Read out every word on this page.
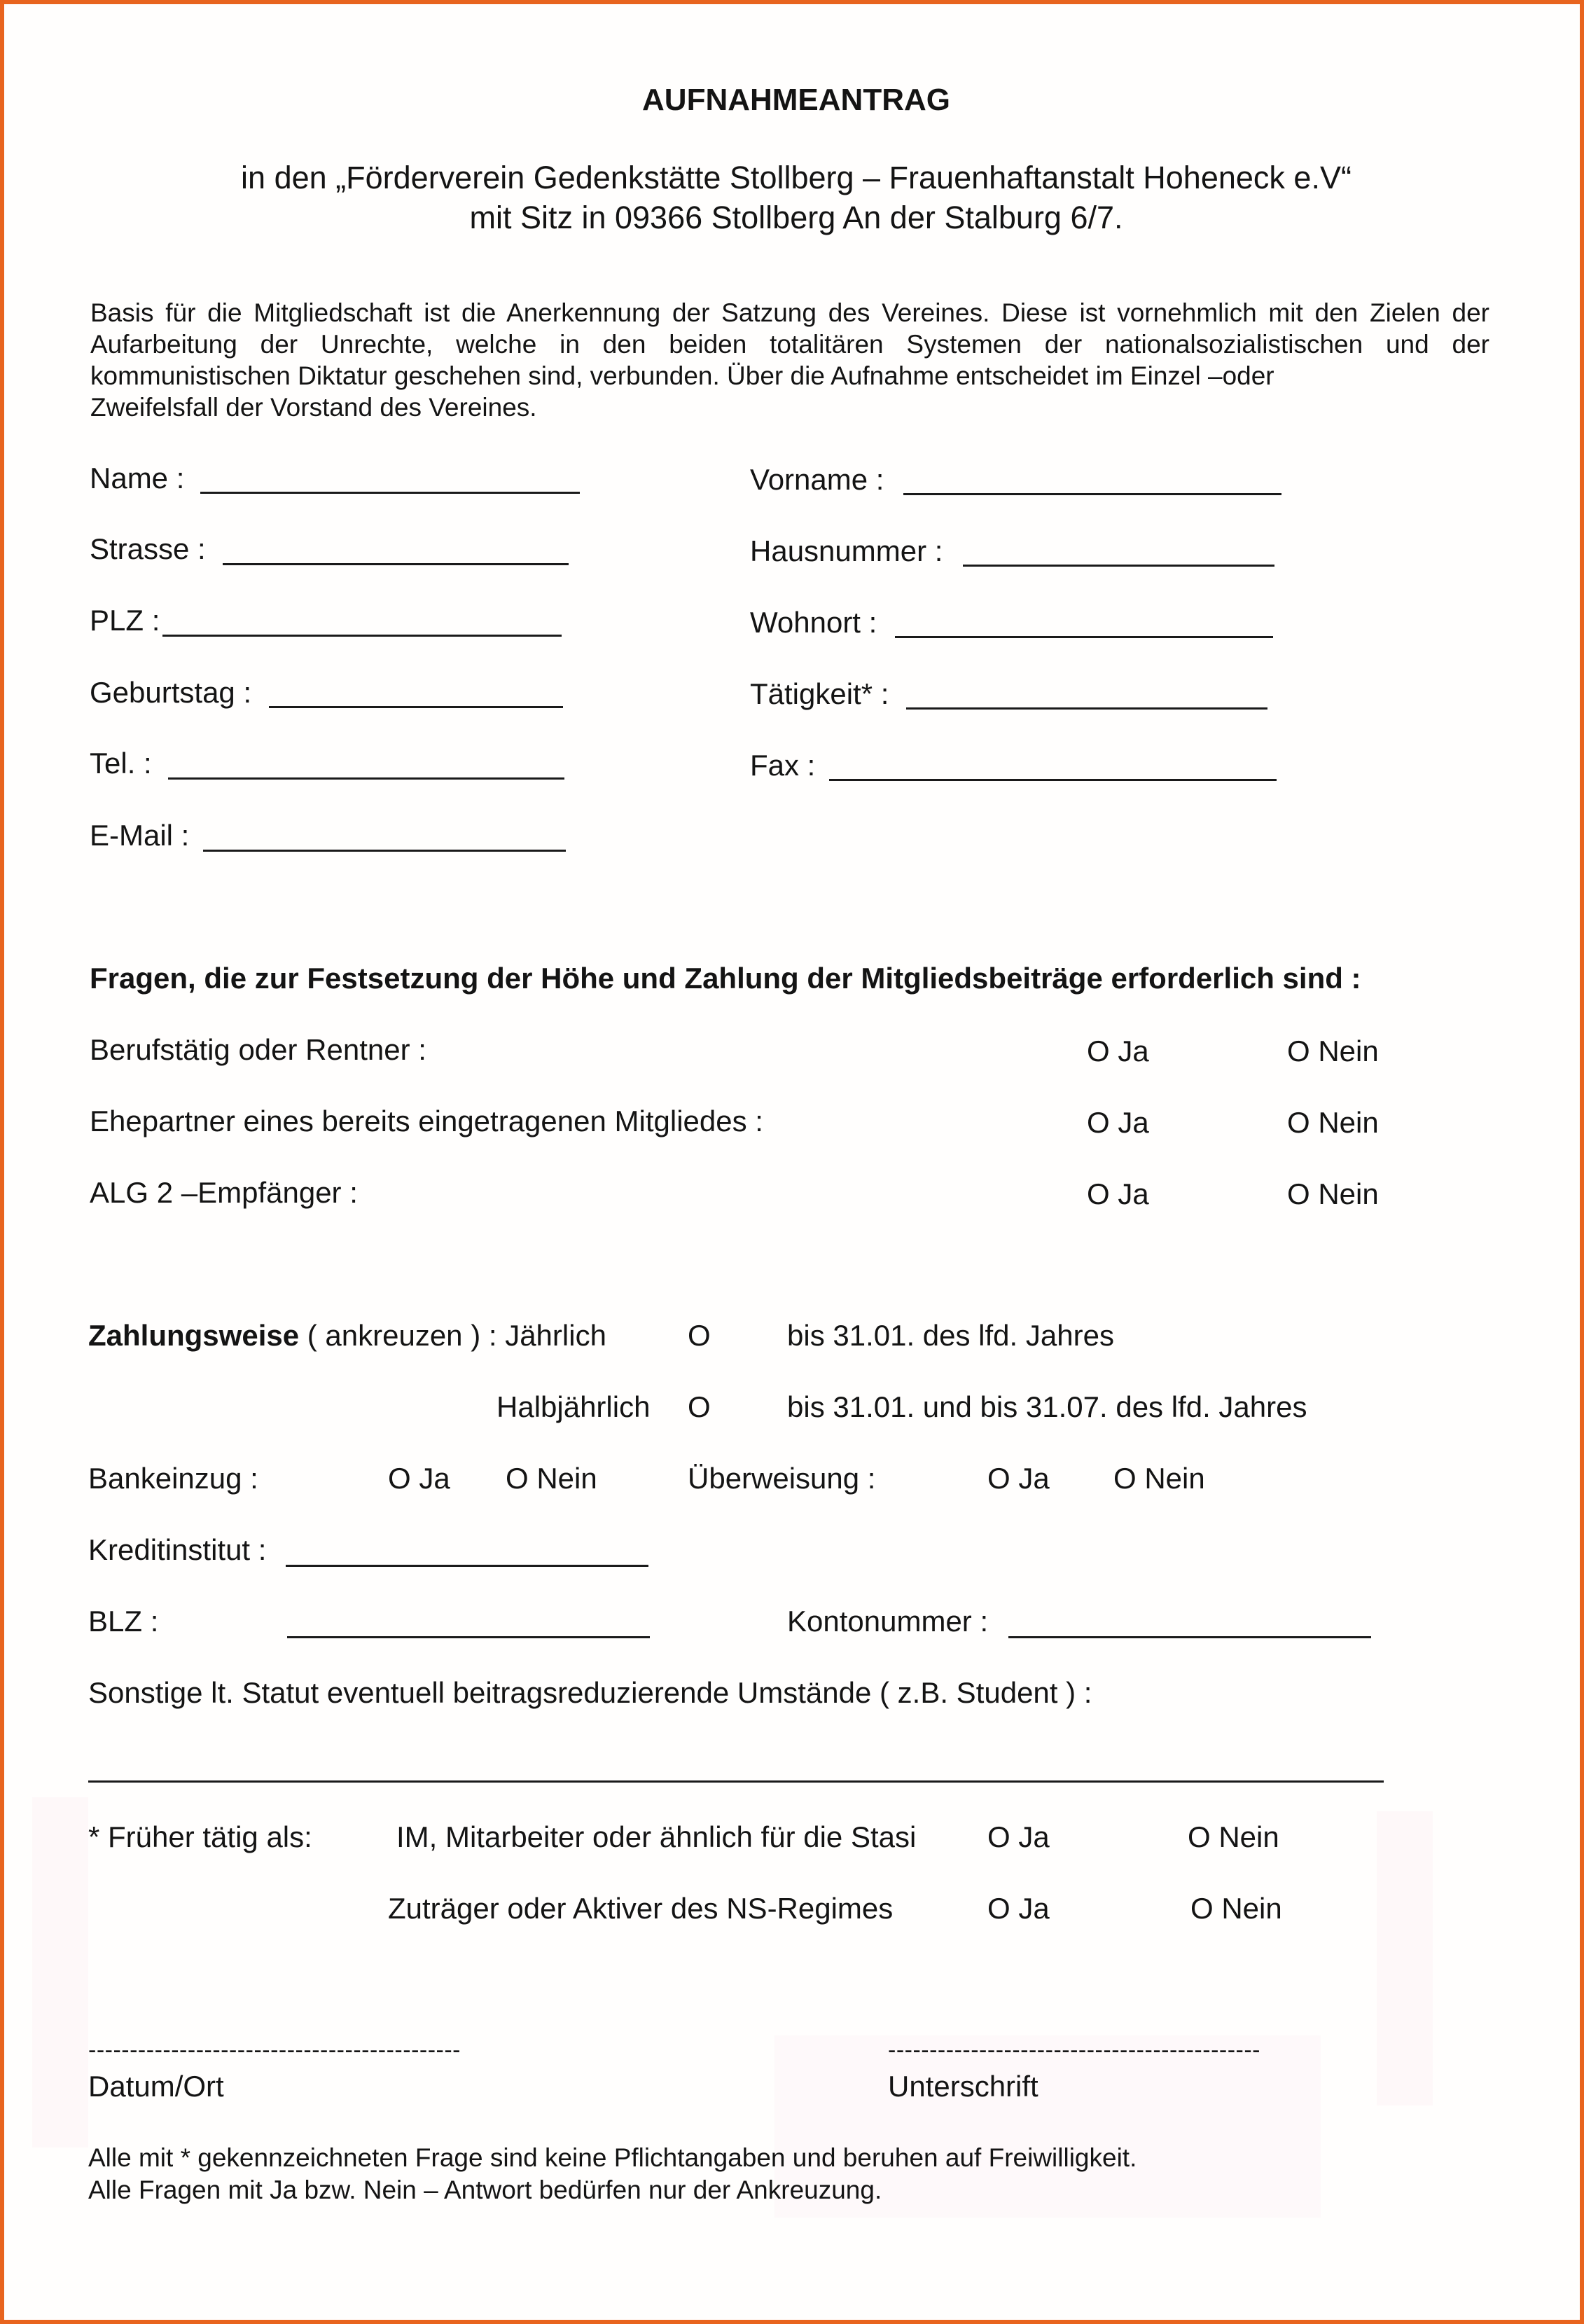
AUFNAHMEANTRAG
in den „Förderverein Gedenkstätte Stollberg – Frauenhaftanstalt Hoheneck e.V“
mit Sitz in 09366 Stollberg An der Stalburg 6/7.
Basis für die Mitgliedschaft ist die Anerkennung der Satzung des Vereines. Diese ist vornehmlich mit den Zielen der Aufarbeitung der Unrechte, welche in den beiden totalitären Systemen der nationalsozialistischen und der kommunistischen Diktatur geschehen sind, verbunden. Über die Aufnahme entscheidet im Einzel –oder
Zweifelsfall der Vorstand des Vereines.
Name :	Vorname :
Strasse :	Hausnummer :
PLZ :	Wohnort :
Geburtstag :	Tätigkeit* :
Tel. :	Fax :
E-Mail :
Fragen, die zur Festsetzung der Höhe und Zahlung der Mitgliedsbeiträge erforderlich sind :
Berufstätig oder Rentner :	O Ja	O Nein
Ehepartner eines bereits eingetragenen Mitgliedes :	O Ja	O Nein
ALG 2 –Empfänger :	O Ja	O Nein
Zahlungsweise ( ankreuzen ) : Jährlich	O	bis 31.01. des lfd. Jahres
Halbjährlich O	bis 31.01. und bis 31.07. des lfd. Jahres
Bankeinzug :	O Ja O Nein	Überweisung :	O Ja O Nein
Kreditinstitut :
BLZ :	Kontonummer :
Sonstige lt. Statut eventuell beitragsreduzierende Umstände ( z.B. Student ) :
* Früher tätig als:	IM, Mitarbeiter oder ähnlich für die Stasi O Ja	O Nein
Zuträger oder Aktiver des NS-Regimes	O Ja	O Nein
---------------------------------------------	---------------------------------------------
Datum/Ort	Unterschrift
Alle mit * gekennzeichneten Frage sind keine Pflichtangaben und beruhen auf Freiwilligkeit.
Alle Fragen mit Ja bzw. Nein – Antwort bedürfen nur der Ankreuzung.
